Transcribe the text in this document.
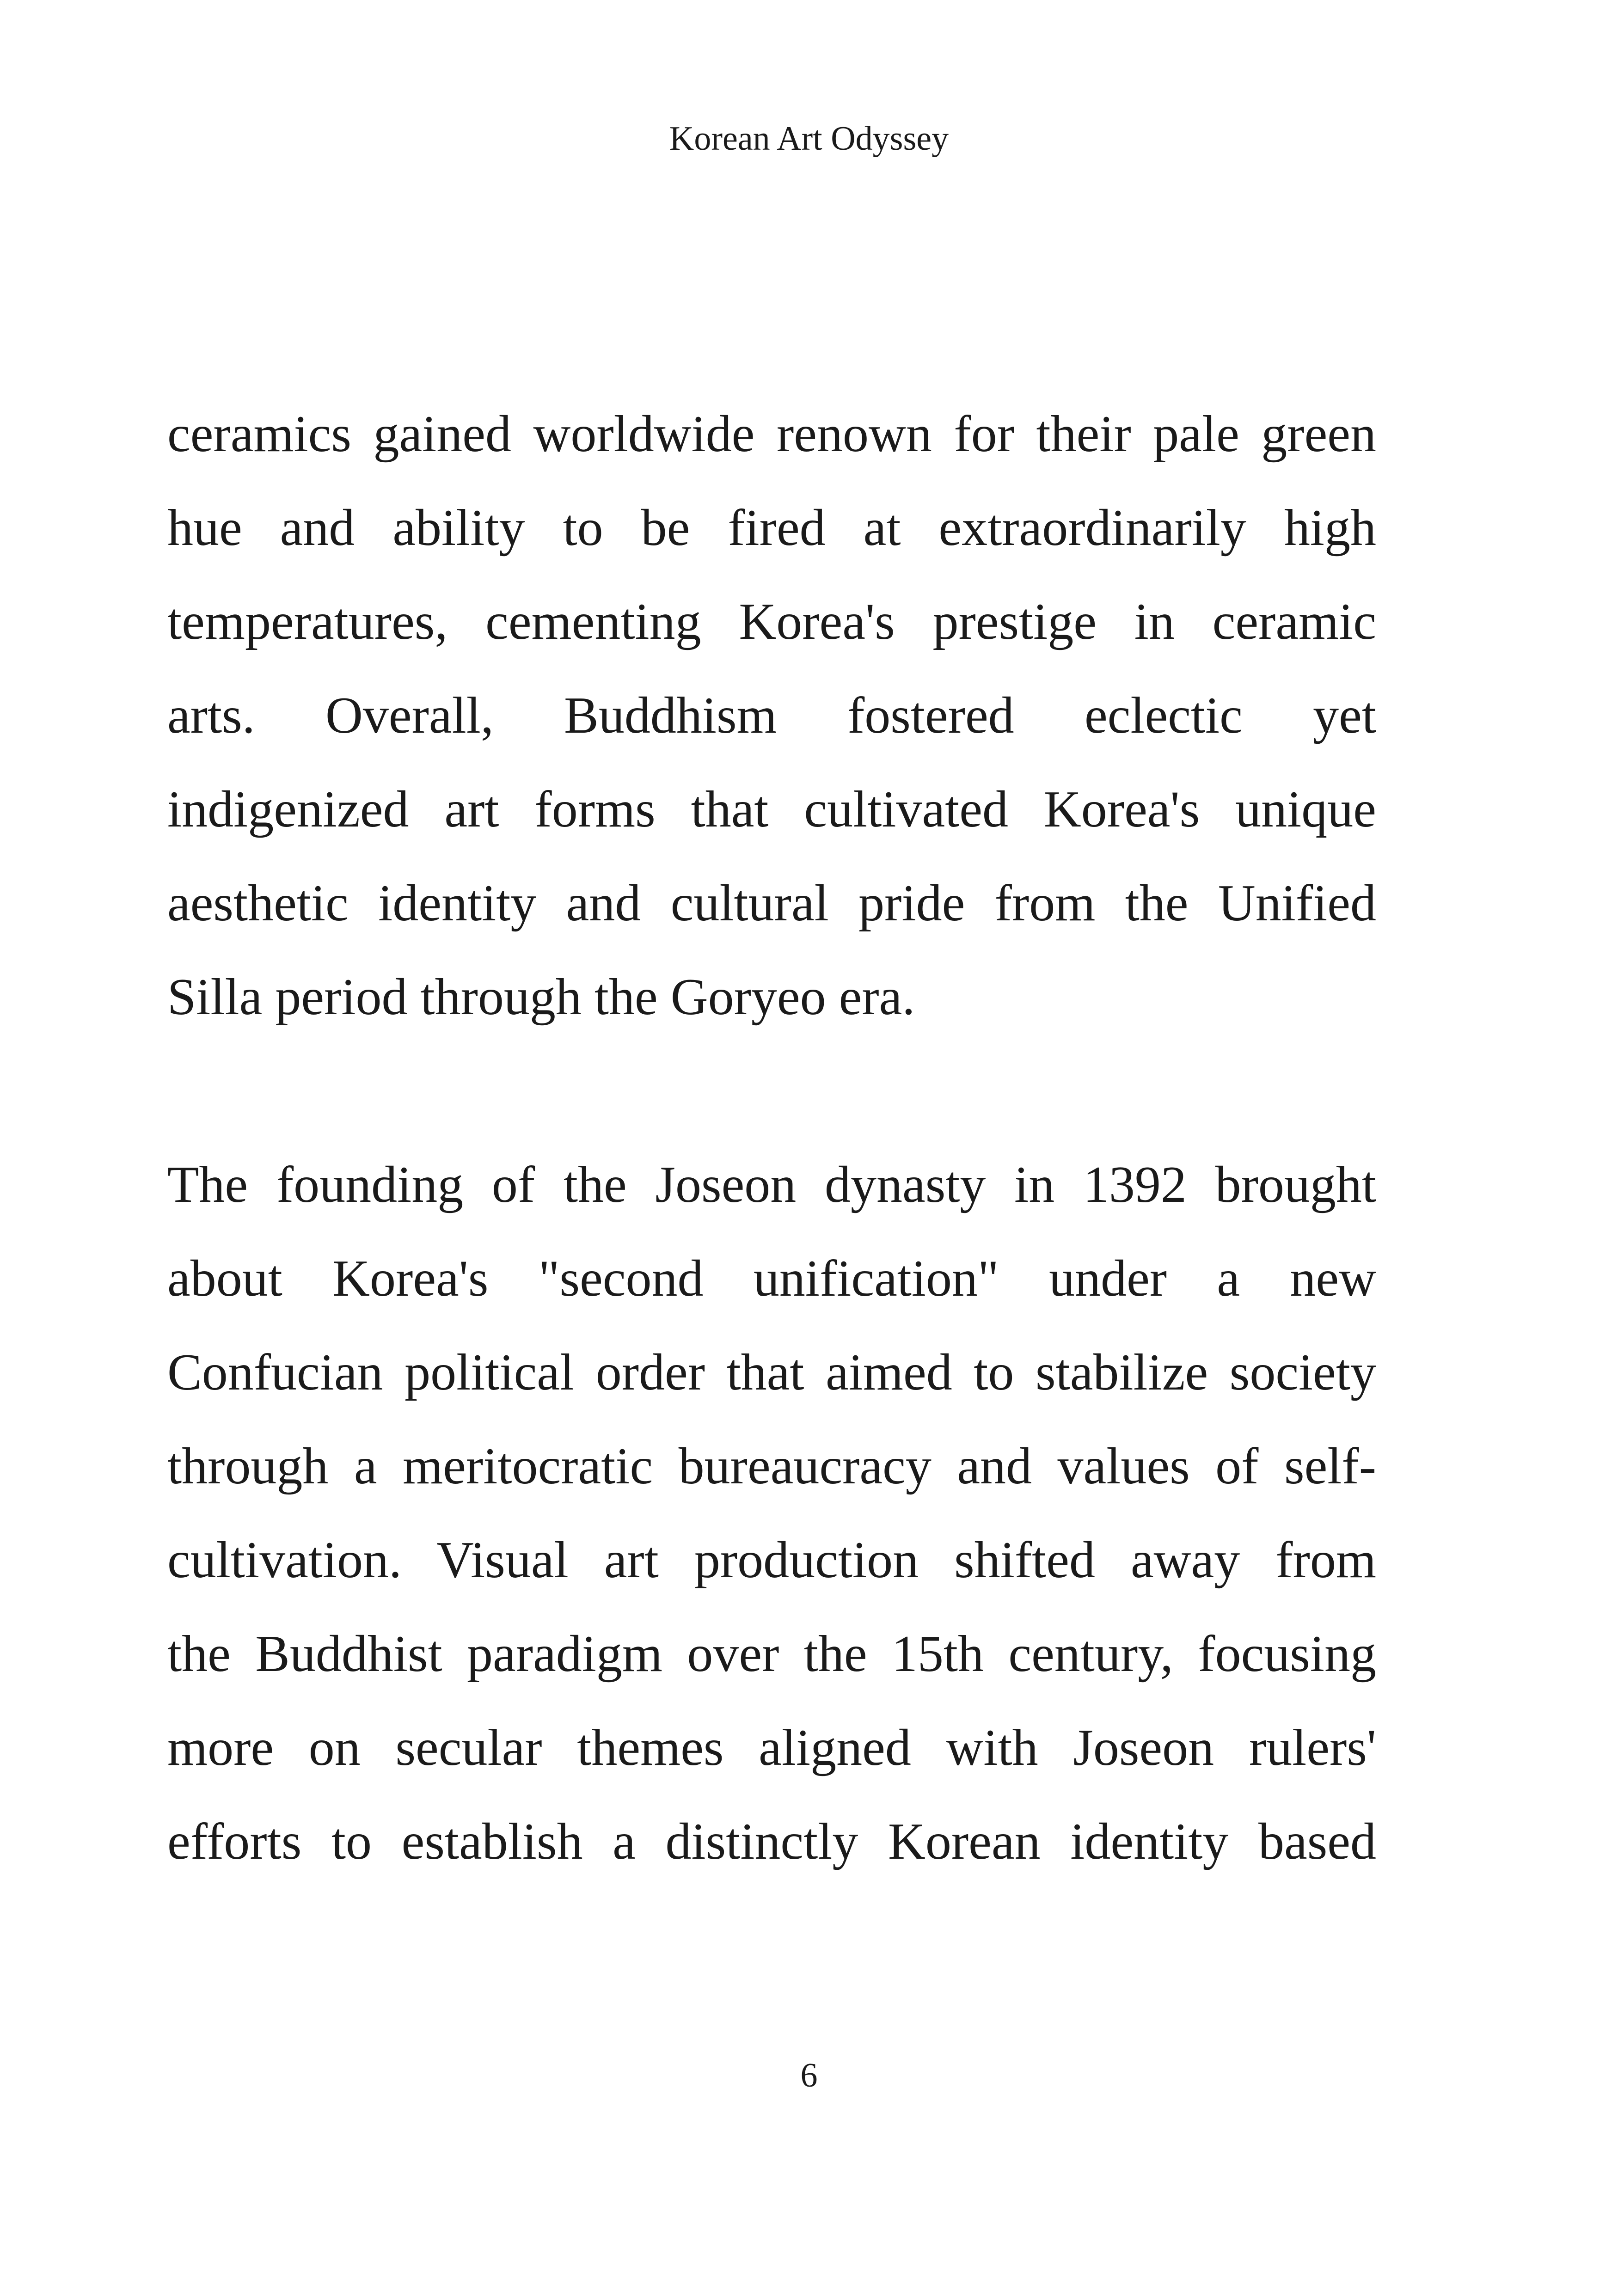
Korean Art Odyssey
ceramics gained worldwide renown for their pale green
hue and ability to be fired at extraordinarily high
temperatures, cementing Korea's prestige in ceramic
arts. Overall, Buddhism fostered eclectic yet
indigenized art forms that cultivated Korea's unique
aesthetic identity and cultural pride from the Unified
Silla period through the Goryeo era.
The founding of the Joseon dynasty in 1392 brought
about Korea's "second unification" under a new
Confucian political order that aimed to stabilize society
through a meritocratic bureaucracy and values of self-
cultivation. Visual art production shifted away from
the Buddhist paradigm over the 15th century, focusing
more on secular themes aligned with Joseon rulers'
efforts to establish a distinctly Korean identity based
6
